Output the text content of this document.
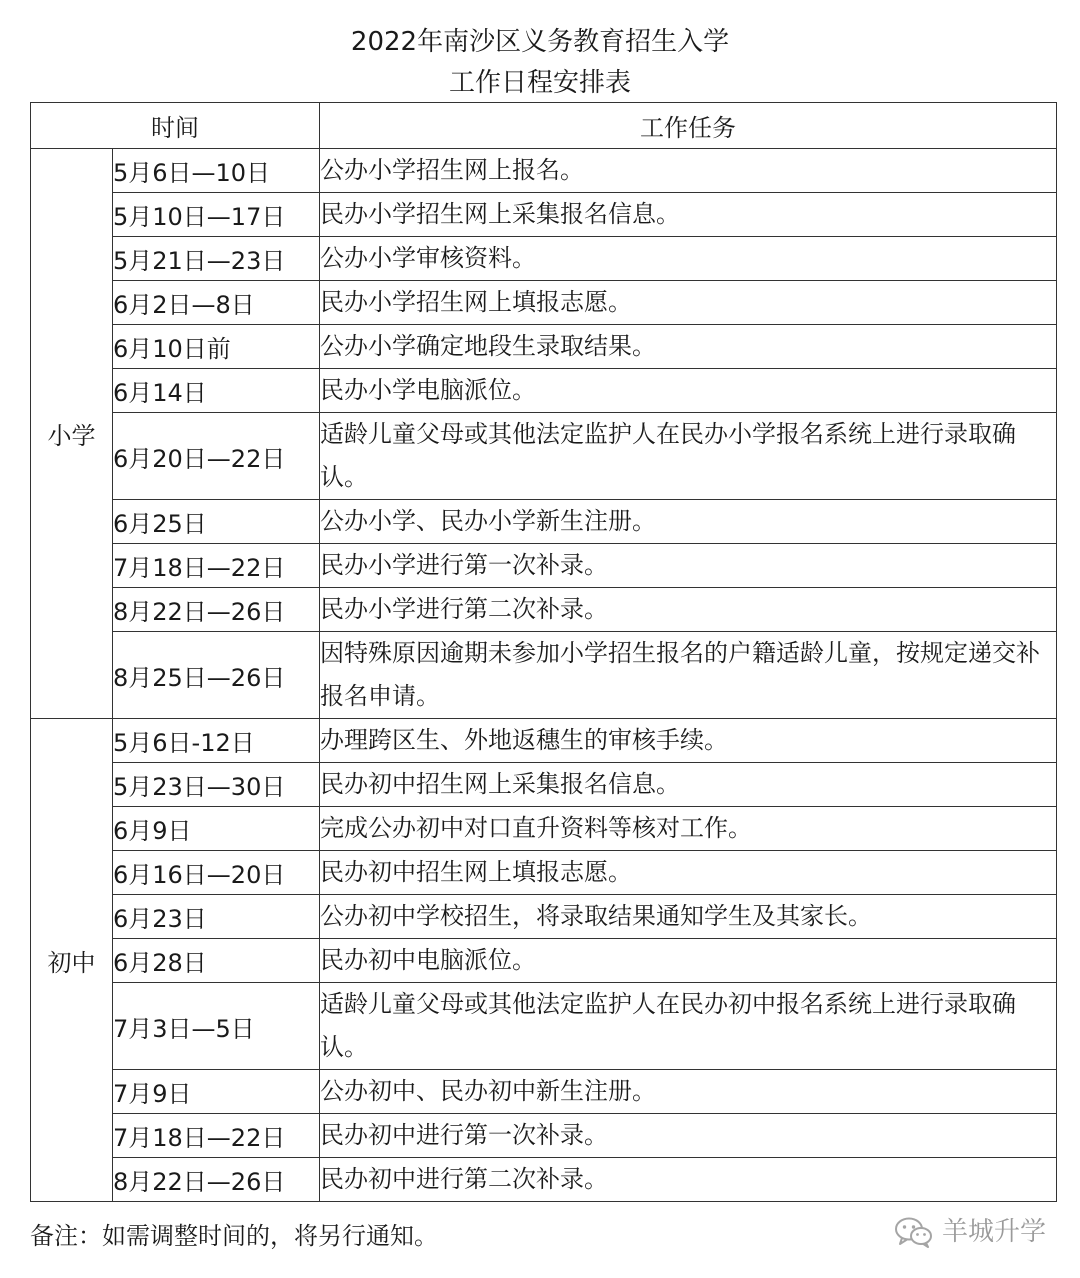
2022年南沙区义务教育招生入学
工作日程安排表
时间		工作任务
小学	5月6日—10日	公办小学招生网上报名。
	5月10日—17日	民办小学招生网上采集报名信息。
	5月21日—23日	公办小学审核资料。
	6月2日—8日	民办小学招生网上填报志愿。
	6月10日前	公办小学确定地段生录取结果。
	6月14日	民办小学电脑派位。
	6月20日—22日	适龄儿童父母或其他法定监护人在民办小学报名系统上进行录取确认。
	6月25日	公办小学、民办小学新生注册。
	7月18日—22日	民办小学进行第一次补录。
	8月22日—26日	民办小学进行第二次补录。
	8月25日—26日	因特殊原因逾期未参加小学招生报名的户籍适龄儿童，按规定递交补报名申请。
初中	5月6日-12日	办理跨区生、外地返穗生的审核手续。
	5月23日—30日	民办初中招生网上采集报名信息。
	6月9日	完成公办初中对口直升资料等核对工作。
	6月16日—20日	民办初中招生网上填报志愿。
	6月23日	公办初中学校招生，将录取结果通知学生及其家长。
	6月28日	民办初中电脑派位。
	7月3日—5日	适龄儿童父母或其他法定监护人在民办初中报名系统上进行录取确认。
	7月9日	公办初中、民办初中新生注册。
	7月18日—22日	民办初中进行第一次补录。
	8月22日—26日	民办初中进行第二次补录。
备注：如需调整时间的，将另行通知。	羊城升学
